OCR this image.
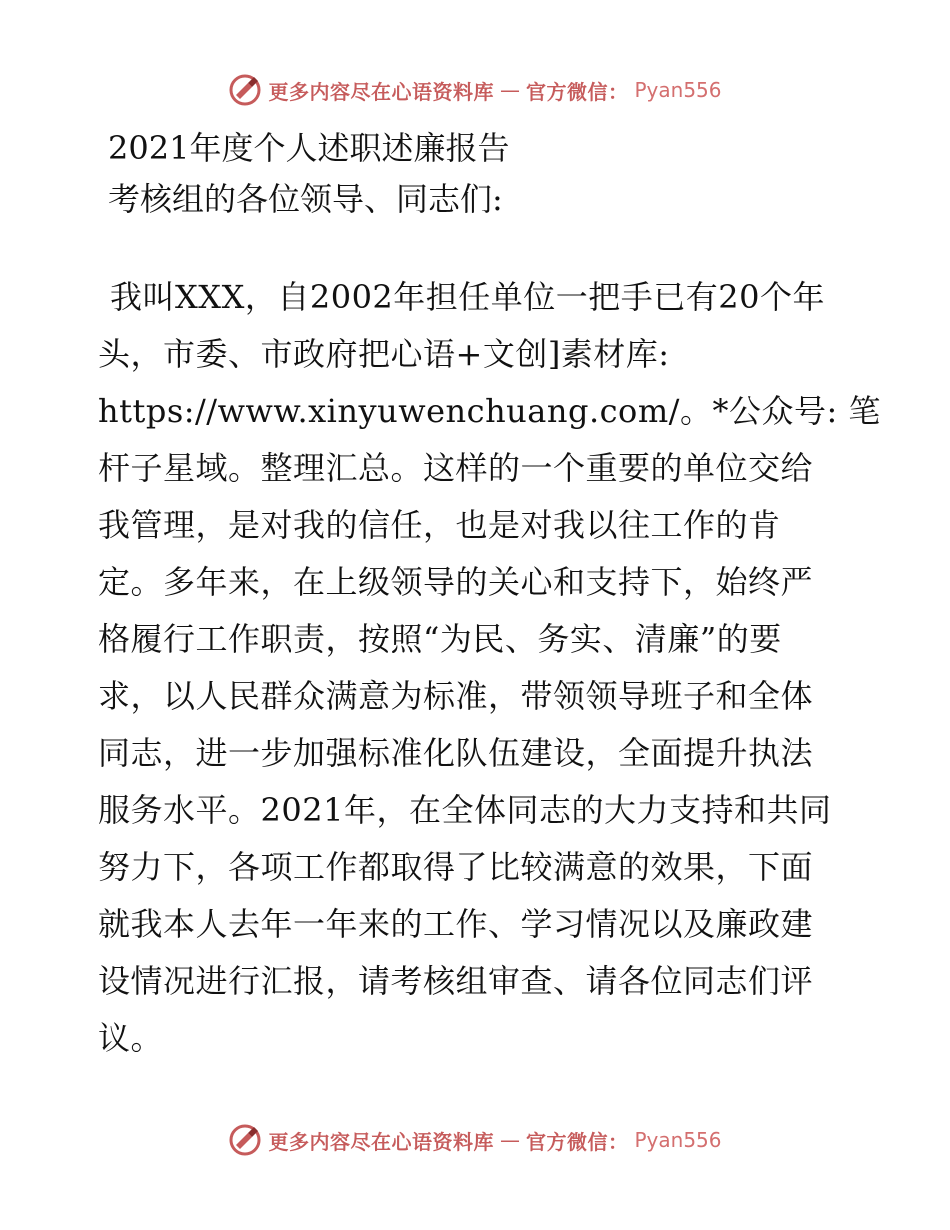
更多内容尽在心语资料库 — 官方微信： Pyan556
2021年度个人述职述廉报告
考核组的各位领导、同志们:
我叫XXX，自2002年担任单位一把手已有20个年
头，市委、市政府把心语+文创]素材库:
https://www.xinyuwenchuang.com/。*公众号: 笔
杆子星域。整理汇总。这样的一个重要的单位交给
我管理，是对我的信任，也是对我以往工作的肯
定。多年来，在上级领导的关心和支持下，始终严
格履行工作职责，按照“为民、务实、清廉”的要
求，以人民群众满意为标准，带领领导班子和全体
同志，进一步加强标准化队伍建设，全面提升执法
服务水平。2021年，在全体同志的大力支持和共同
努力下，各项工作都取得了比较满意的效果，下面
就我本人去年一年来的工作、学习情况以及廉政建
设情况进行汇报，请考核组审查、请各位同志们评
议。
更多内容尽在心语资料库 — 官方微信： Pyan556
